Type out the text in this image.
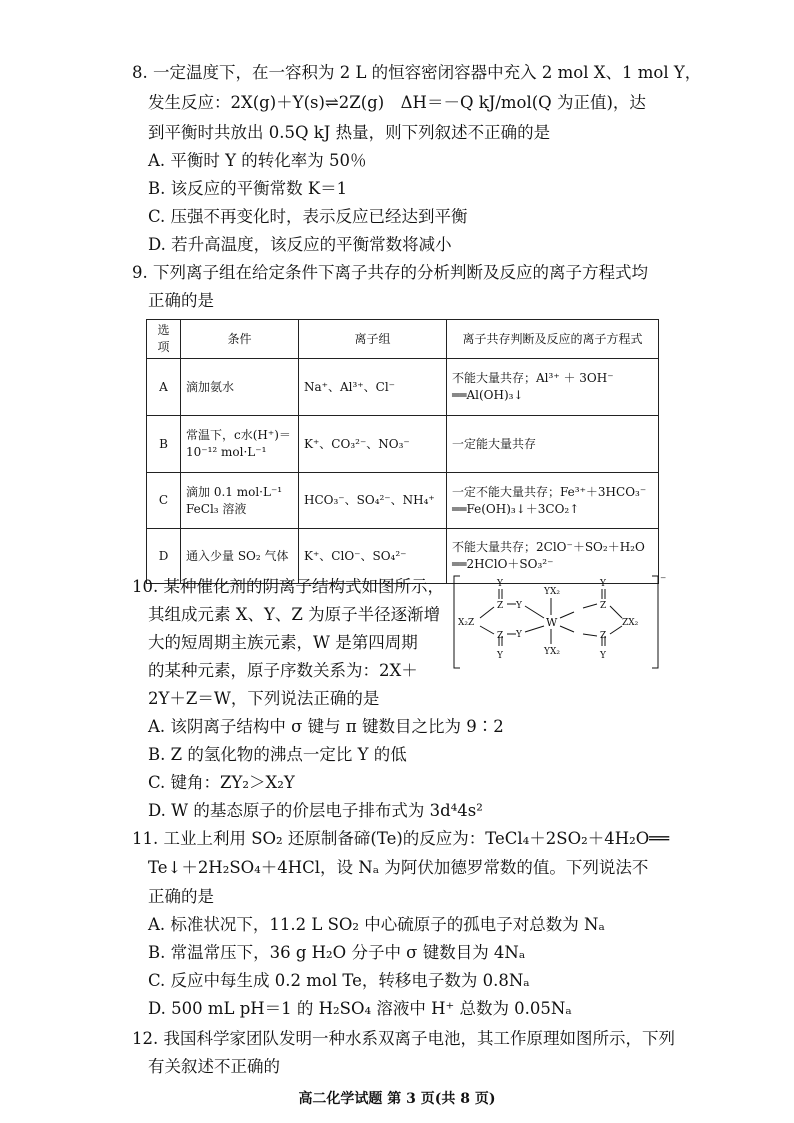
8. 一定温度下，在一容积为 2 L 的恒容密闭容器中充入 2 mol X、1 mol Y，
发生反应：2X(g)＋Y(s)⇌2Z(g)　ΔH＝－Q kJ/mol(Q 为正值)，达
到平衡时共放出 0.5Q kJ 热量，则下列叙述不正确的是
A. 平衡时 Y 的转化率为 50％
B. 该反应的平衡常数 K＝1
C. 压强不再变化时，表示反应已经达到平衡
D. 若升高温度，该反应的平衡常数将减小
9. 下列离子组在给定条件下离子共存的分析判断及反应的离子方程式均
正确的是
选项	条件	离子组	离子共存判断及反应的离子方程式
A	滴加氨水	Na⁺、Al³⁺、Cl⁻	不能大量共存；Al³⁺ ＋ 3OH⁻ ══Al(OH)₃↓
B	常温下，c水(H⁺)＝10⁻¹² mol·L⁻¹	K⁺、CO₃²⁻、NO₃⁻	一定能大量共存
C	滴加 0.1 mol·L⁻¹ FeCl₃ 溶液	HCO₃⁻、SO₄²⁻、NH₄⁺	一定不能大量共存；Fe³⁺＋3HCO₃⁻ ══Fe(OH)₃↓＋3CO₂↑
D	通入少量 SO₂ 气体	K⁺、ClO⁻、SO₄²⁻	不能大量共存；2ClO⁻＋SO₂＋H₂O ══2HClO＋SO₃²⁻
10. 某种催化剂的阴离子结构式如图所示，
其组成元素 X、Y、Z 为原子半径逐渐增
大的短周期主族元素，W 是第四周期
的某种元素，原子序数关系为：2X＋
2Y＋Z＝W，下列说法正确的是
A. 该阴离子结构中 σ 键与 π 键数目之比为 9∶2
B. Z 的氢化物的沸点一定比 Y 的低
C. 键角：ZY₂＞X₂Y
D. W 的基态原子的价层电子排布式为 3d⁴4s²
Y
Z Y
X₂Z
YX₂
W
YX₂
Z Y
Y
Z
ZX₂
Y
Z
Y
⁻
11. 工业上利用 SO₂ 还原制备碲(Te)的反应为：TeCl₄＋2SO₂＋4H₂O══
Te↓＋2H₂SO₄＋4HCl，设 Nₐ 为阿伏加德罗常数的值。下列说法不
正确的是
A. 标准状况下，11.2 L SO₂ 中心硫原子的孤电子对总数为 Nₐ
B. 常温常压下，36 g H₂O 分子中 σ 键数目为 4Nₐ
C. 反应中每生成 0.2 mol Te，转移电子数为 0.8Nₐ
D. 500 mL pH＝1 的 H₂SO₄ 溶液中 H⁺ 总数为 0.05Nₐ
12. 我国科学家团队发明一种水系双离子电池，其工作原理如图所示，下列
有关叙述不正确的
高二化学试题 第 3 页(共 8 页)
